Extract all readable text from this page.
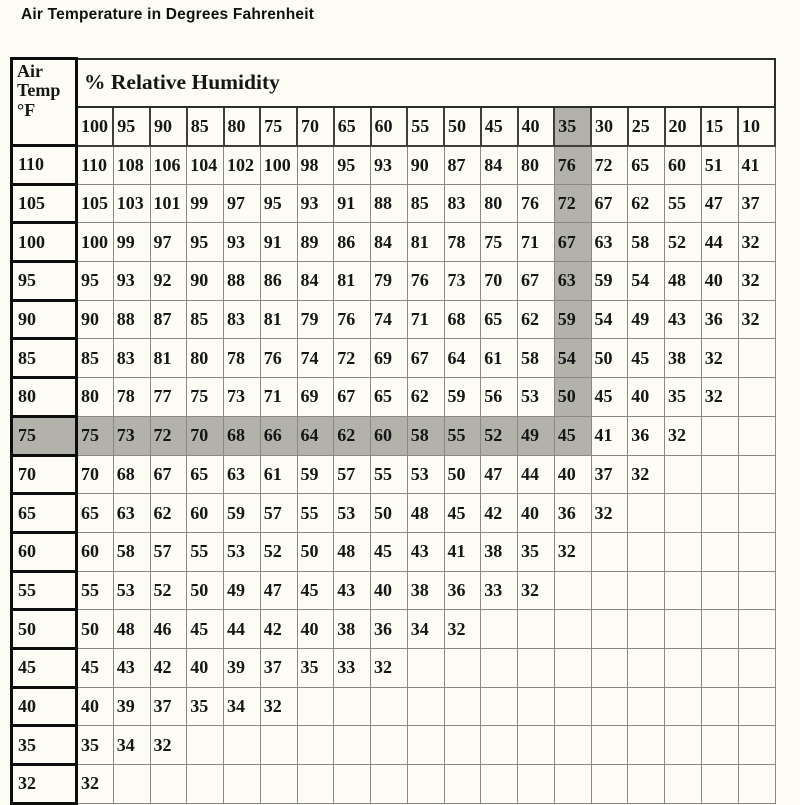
Air Temperature in Degrees Fahrenheit
Air
Temp
°F	% Relative Humidity																		
	100	95	90	85	80	75	70	65	60	55	50	45	40	35	30	25	20	15	10
110	110	108	106	104	102	100	98	95	93	90	87	84	80	76	72	65	60	51	41
105	105	103	101	99	97	95	93	91	88	85	83	80	76	72	67	62	55	47	37
100	100	99	97	95	93	91	89	86	84	81	78	75	71	67	63	58	52	44	32
95	95	93	92	90	88	86	84	81	79	76	73	70	67	63	59	54	48	40	32
90	90	88	87	85	83	81	79	76	74	71	68	65	62	59	54	49	43	36	32
85	85	83	81	80	78	76	74	72	69	67	64	61	58	54	50	45	38	32	
80	80	78	77	75	73	71	69	67	65	62	59	56	53	50	45	40	35	32	
75	75	73	72	70	68	66	64	62	60	58	55	52	49	45	41	36	32		
70	70	68	67	65	63	61	59	57	55	53	50	47	44	40	37	32			
65	65	63	62	60	59	57	55	53	50	48	45	42	40	36	32				
60	60	58	57	55	53	52	50	48	45	43	41	38	35	32					
55	55	53	52	50	49	47	45	43	40	38	36	33	32						
50	50	48	46	45	44	42	40	38	36	34	32								
45	45	43	42	40	39	37	35	33	32										
40	40	39	37	35	34	32													
35	35	34	32																
32	32																		
